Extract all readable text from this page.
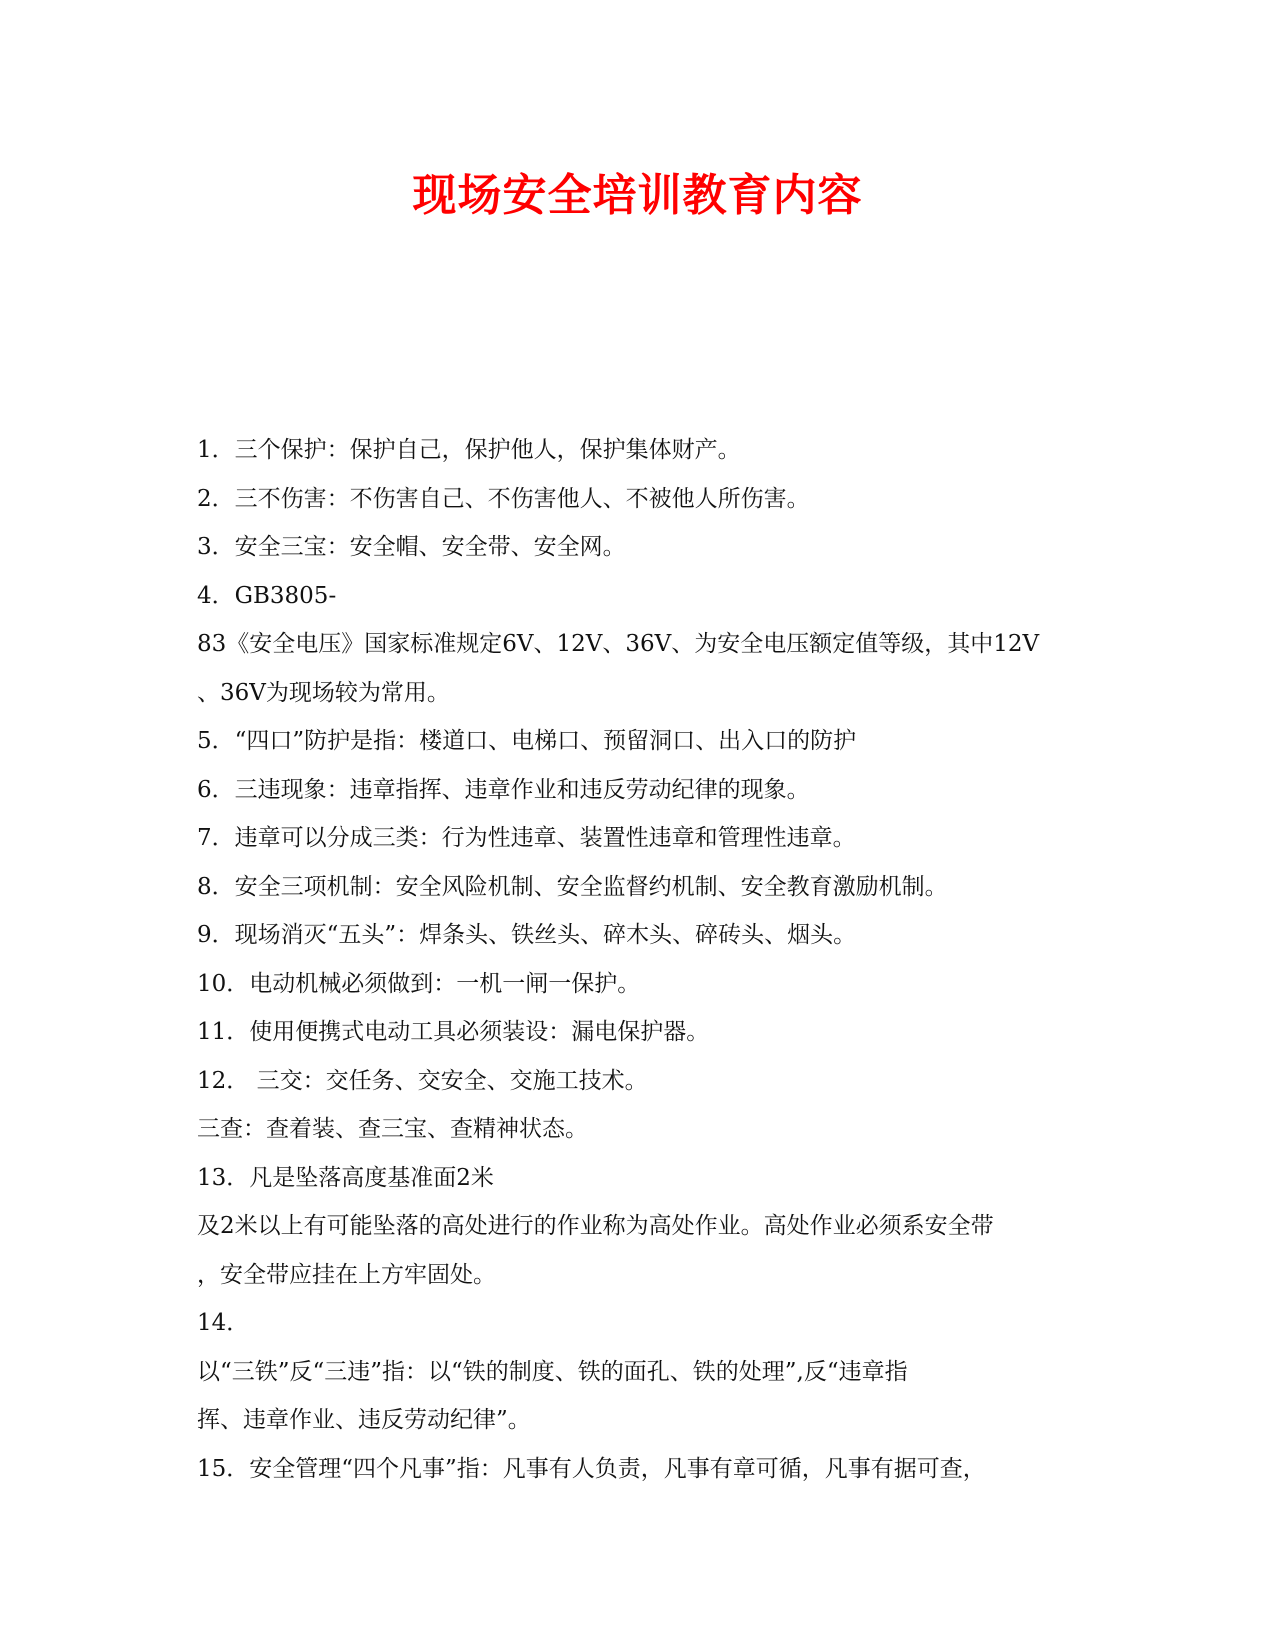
现场安全培训教育内容

1．三个保护：保护自己，保护他人，保护集体财产。

2．三不伤害：不伤害自己、不伤害他人、不被他人所伤害。

3．安全三宝：安全帽、安全带、安全网。

4．GB3805-

83《安全电压》国家标准规定6V、12V、36V、为安全电压额定值等级，其中12V

、36V为现场较为常用。

5．“四口”防护是指：楼道口、电梯口、预留洞口、出入口的防护

6．三违现象：违章指挥、违章作业和违反劳动纪律的现象。

7．违章可以分成三类：行为性违章、装置性违章和管理性违章。

8．安全三项机制：安全风险机制、安全监督约机制、安全教育激励机制。

9．现场消灭“五头”：焊条头、铁丝头、碎木头、碎砖头、烟头。

10．电动机械必须做到：一机一闸一保护。

11．使用便携式电动工具必须装设：漏电保护器。

12． 三交：交任务、交安全、交施工技术。

三查：查着装、查三宝、查精神状态。

13．凡是坠落高度基准面2米

及2米以上有可能坠落的高处进行的作业称为高处作业。高处作业必须系安全带

，安全带应挂在上方牢固处。

14．

以“三铁”反“三违”指：以“铁的制度、铁的面孔、铁的处理”,反“违章指

挥、违章作业、违反劳动纪律”。

15．安全管理“四个凡事”指：凡事有人负责，凡事有章可循，凡事有据可查，
